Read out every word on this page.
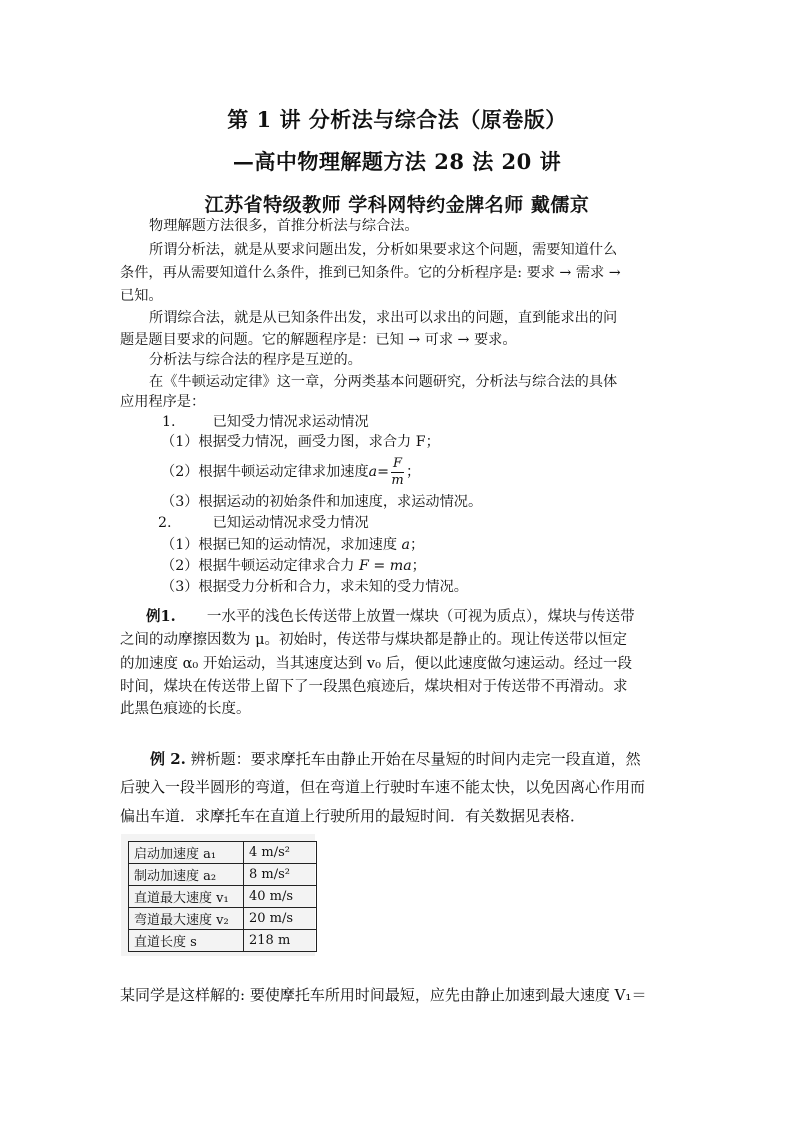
第 1 讲 分析法与综合法（原卷版）
—高中物理解题方法 28 法 20 讲
江苏省特级教师 学科网特约金牌名师 戴儒京
物理解题方法很多，首推分析法与综合法。
所谓分析法，就是从要求问题出发，分析如果要求这个问题，需要知道什么
条件，再从需要知道什么条件，推到已知条件。它的分析程序是: 要求 → 需求 →
已知。
所谓综合法，就是从已知条件出发，求出可以求出的问题，直到能求出的问
题是题目要求的问题。它的解题程序是：已知 → 可求 → 要求。
分析法与综合法的程序是互逆的。
在《牛顿运动定律》这一章，分两类基本问题研究，分析法与综合法的具体
应用程序是：
1.	已知受力情况求运动情况
（1）根据受力情况，画受力图，求合力 F；
（2）根据牛顿运动定律求加速度$a= \frac{F}{m}$ ；
（3）根据运动的初始条件和加速度，求运动情况。
2.	已知运动情况求受力情况
（1）根据已知的运动情况，求加速度 a；
（2）根据牛顿运动定律求合力 F = ma；
（3）根据受力分析和合力，求未知的受力情况。
例1. 一水平的浅色长传送带上放置一煤块（可视为质点），煤块与传送带
之间的动摩擦因数为 μ。初始时，传送带与煤块都是静止的。现让传送带以恒定
的加速度 α₀ 开始运动，当其速度达到 v₀ 后，便以此速度做匀速运动。经过一段
时间，煤块在传送带上留下了一段黑色痕迹后，煤块相对于传送带不再滑动。求
此黑色痕迹的长度。
例 2. 辨析题：要求摩托车由静止开始在尽量短的时间内走完一段直道，然
后驶入一段半圆形的弯道，但在弯道上行驶时车速不能太快，以免因离心作用而
偏出车道．求摩托车在直道上行驶所用的最短时间．有关数据见表格．
启动加速度 a₁	4 m/s²
制动加速度 a₂	8 m/s²
直道最大速度 v₁	40 m/s
弯道最大速度 v₂	20 m/s
直道长度 s	218 m
某同学是这样解的: 要使摩托车所用时间最短，应先由静止加速到最大速度 V₁＝
